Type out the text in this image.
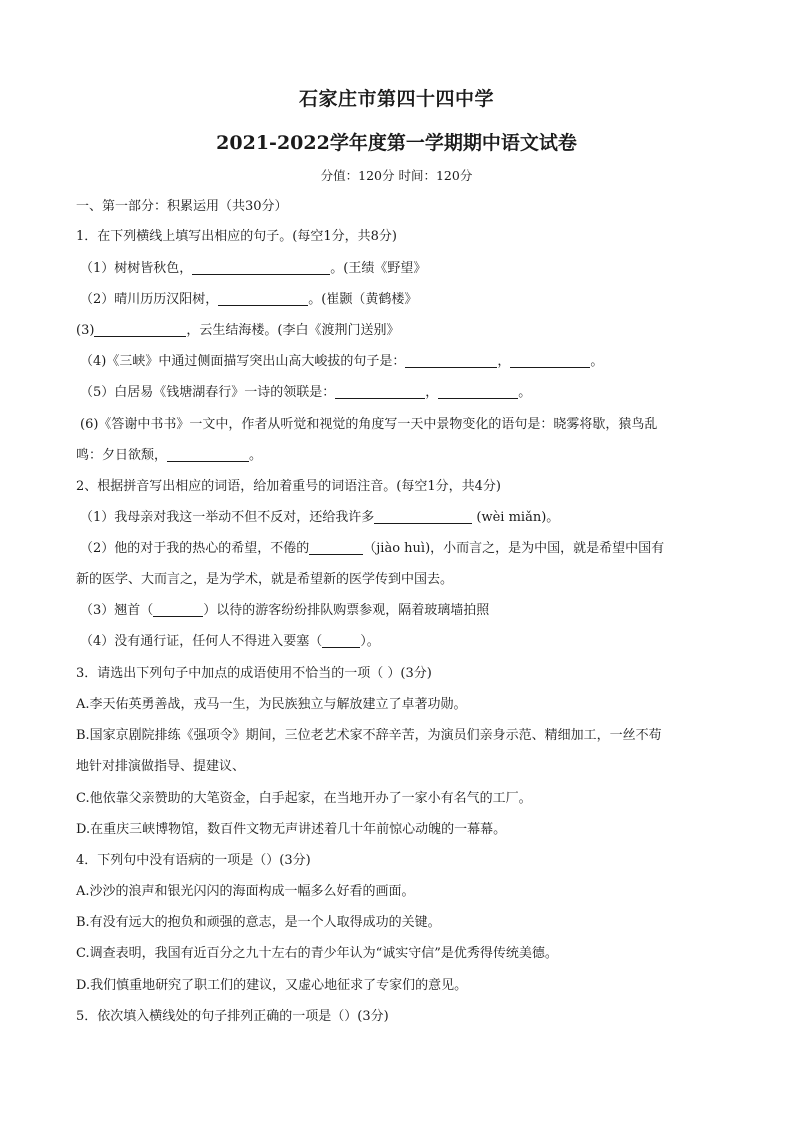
石家庄市第四十四中学
2021-2022学年度第一学期期中语文试卷
分值：120分 时间：120分
一、第一部分：积累运用（共30分）
1．在下列横线上填写出相应的句子。(每空1分，共8分)
（1）树树皆秋色，	。(王绩《野望》
（2）晴川历历汉阳树，	。(崔颢（黄鹤楼》
(3)	，云生结海楼。(李白《渡荆门送别》
（4)《三峡》中通过侧面描写突出山高大峻拔的句子是：	，	。
（5）白居易《钱塘湖春行》一诗的领联是：	，	。
(6)《答谢中书书》一文中，作者从听觉和视觉的角度写一天中景物变化的语句是：晓雾将歇，猿鸟乱
鸣：夕日欲颓，	。
2、根据拼音写出相应的词语，给加着重号的词语注音。(每空1分，共4分)
（1）我母亲对我这一举动不但不反对，还给我许多	(wèi miǎn)。
（2）他的对于我的热心的希望，不倦的	（jiào huì)，小而言之，是为中国，就是希望中国有
新的医学、大而言之，是为学术，就是希望新的医学传到中国去。
（3）翘首（	）以待的游客纷纷排队购票参观，隔着玻璃墙拍照
（4）没有通行证，任何人不得进入要塞（	）。
3．请选出下列句子中加点的成语使用不恰当的一项（ ）(3分)
A.李天佑英勇善战，戎马一生，为民族独立与解放建立了卓著功勋。
B.国家京剧院排练《强项令》期间，三位老艺术家不辞辛苦，为演员们亲身示范、精细加工，一丝不苟
地针对排演做指导、提建议、
C.他依靠父亲赞助的大笔资金，白手起家，在当地开办了一家小有名气的工厂。
D.在重庆三峡博物馆，数百件文物无声讲述着几十年前惊心动魄的一幕幕。
4．下列句中没有语病的一项是（）(3分)
A.沙沙的浪声和银光闪闪的海面构成一幅多么好看的画面。
B.有没有远大的抱负和顽强的意志，是一个人取得成功的关键。
C.调查表明，我国有近百分之九十左右的青少年认为“诚实守信”是优秀得传统美德。
D.我们慎重地研究了职工们的建议，又虚心地征求了专家们的意见。
5．依次填入横线处的句子排列正确的一项是（）(3分)
